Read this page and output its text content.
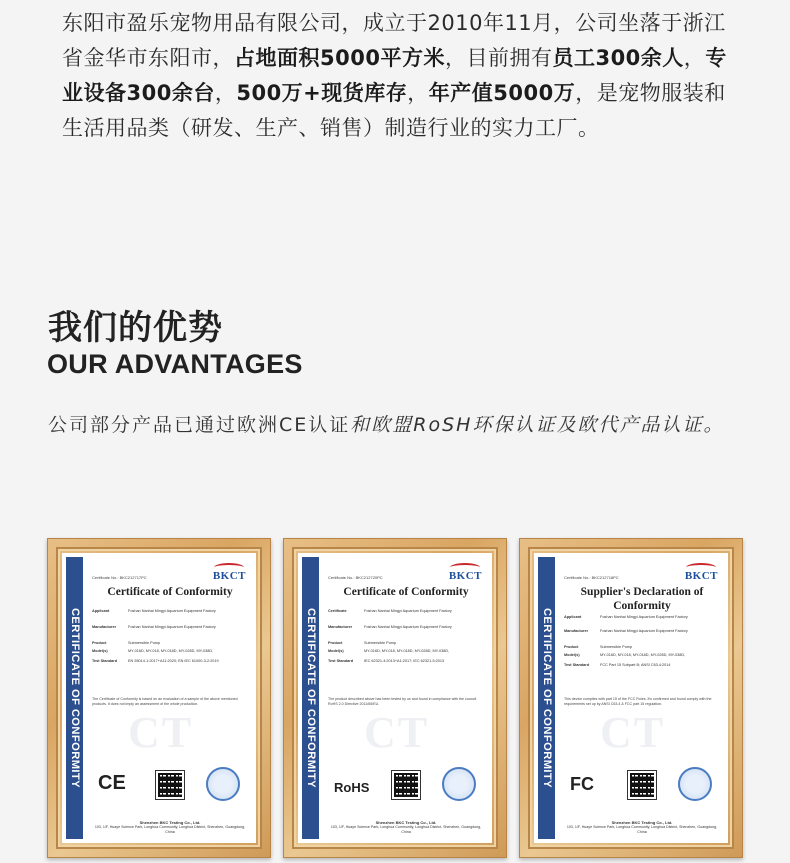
东阳市盈乐宠物用品有限公司，成立于2010年11月，公司坐落于浙江省金华市东阳市，占地面积5000平方米，目前拥有员工300余人，专业设备300余台，500万+现货库存，年产值5000万，是宠物服装和生活用品类（研发、生产、销售）制造行业的实力工厂。
我们的优势
OUR ADVANTAGES
公司部分产品已通过欧洲CE认证和欧盟RoSH环保认证及欧代产品认证。
CERTIFICATE OF CONFORMITY
BKCT
Certificate No.: BKC212717PC
Certificate of Conformity
Applicant	Foshan Nanhai Mingyi Aquarium Equipment Factory
Manufacturer	Foshan Nanhai Mingyi Aquarium Equipment Factory
Product	Submersible Pump
Model(s)	MY-016D, MY-018, MY-018D, MY-028D, MY-038D,
Test Standard	EN 55014-1:2017+A11:2020; EN IEC 61000-3-2:2019
The Certificate of Conformity is based on an evaluation of a sample of the above mentioned products. It does not imply an assessment of the whole production.
CT
CE
Shenzhen BKC Testing Co., Ltd.
103, 1/F, Huaye Science Park, Longhua Community, Longhua District, Shenzhen, Guangdong, China
CERTIFICATE OF CONFORMITY
BKCT
Certificate No.: BKC212720PC
Certificate of Conformity
Certificate	Foshan Nanhai Mingyi Aquarium Equipment Factory
Manufacturer	Foshan Nanhai Mingyi Aquarium Equipment Factory
Product	Submersible Pump
Model(s)	MY-016D, MY-018, MY-018D, MY-028D, MY-038D,
Test Standard	IEC 62321-4:2013+A1:2017; IEC 62321-5:2013
The product described above has been tested by us and found in compliance with the council RoHS 2.0 Directive 2011/65/EU.
CT
RoHS
Shenzhen BKC Testing Co., Ltd.
103, 1/F, Huaye Science Park, Longhua Community, Longhua District, Shenzhen, Guangdong, China
CERTIFICATE OF CONFORMITY
BKCT
Certificate No.: BKC212718PC
Supplier's Declaration of Conformity
Applicant	Foshan Nanhai Mingyi Aquarium Equipment Factory
Manufacturer	Foshan Nanhai Mingyi Aquarium Equipment Factory
Product	Submersible Pump
Model(s)	MY-016D, MY-018, MY-018D, MY-028D, MY-038D,
Test Standard	FCC Part 15 Subpart B; ANSI C63.4:2014
This device complies with part 15 of the FCC Rules. It's confirmed and found comply with the requirements set up by ANSI C63.4 & FCC part 15 regulation.
CT
FC
Shenzhen BKC Testing Co., Ltd.
103, 1/F, Huaye Science Park, Longhua Community, Longhua District, Shenzhen, Guangdong, China
